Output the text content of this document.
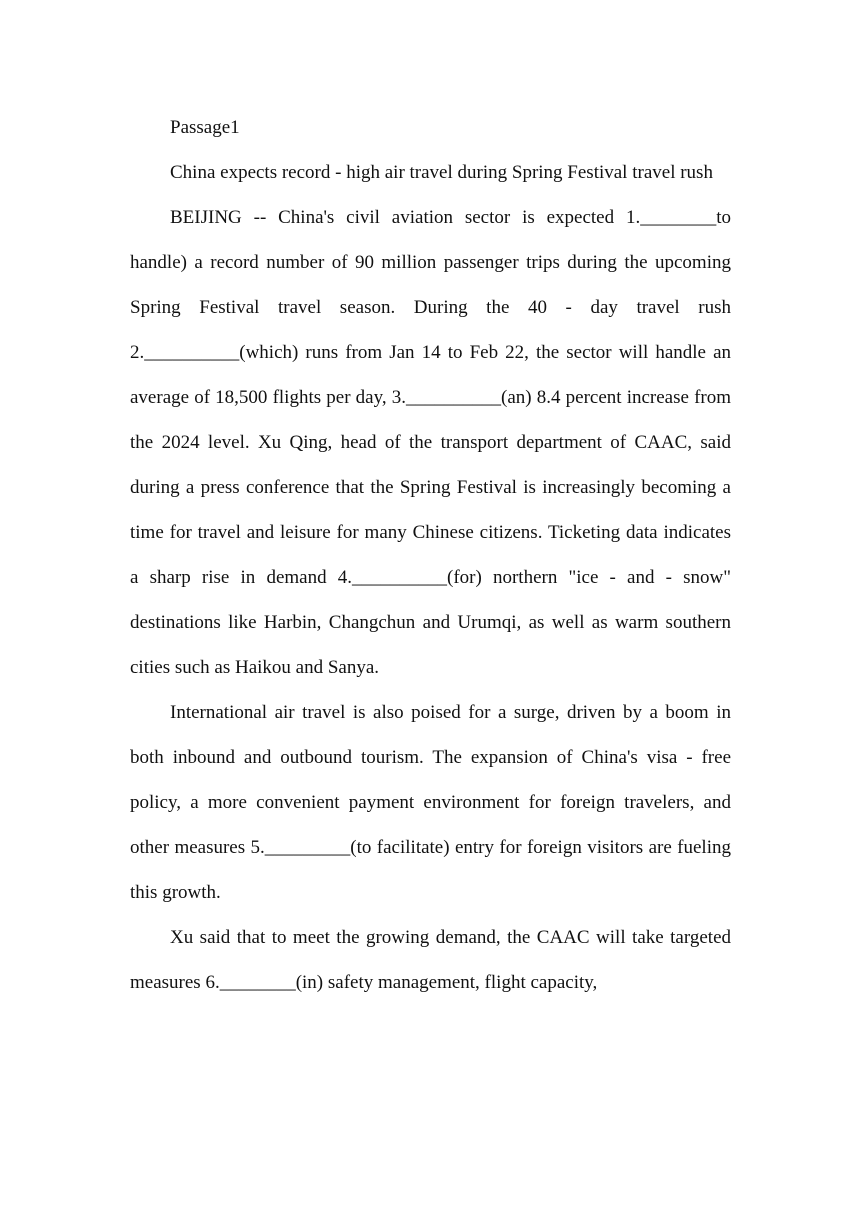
Passage1

China expects record - high air travel during Spring Festival travel rush

BEIJING -- China's civil aviation sector is expected 1.________to handle) a record number of 90 million passenger trips during the upcoming Spring Festival travel season. During the 40 - day travel rush 2.__________(which) runs from Jan 14 to Feb 22, the sector will handle an average of 18,500 flights per day, 3.__________(an) 8.4 percent increase from the 2024 level. Xu Qing, head of the transport department of CAAC, said during a press conference that the Spring Festival is increasingly becoming a time for travel and leisure for many Chinese citizens. Ticketing data indicates a sharp rise in demand 4.__________(for) northern "ice - and - snow" destinations like Harbin, Changchun and Urumqi, as well as warm southern cities such as Haikou and Sanya.

International air travel is also poised for a surge, driven by a boom in both inbound and outbound tourism. The expansion of China's visa - free policy, a more convenient payment environment for foreign travelers, and other measures 5._________(to facilitate) entry for foreign visitors are fueling this growth.

Xu said that to meet the growing demand, the CAAC will take targeted measures 6.________(in) safety management, flight capacity,
